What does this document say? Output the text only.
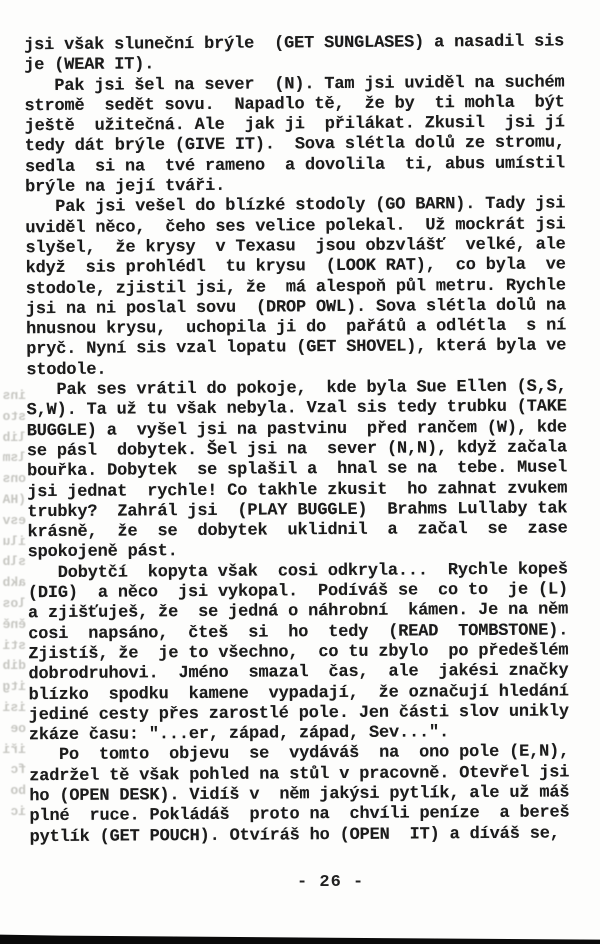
ins
sto
lib
lsm
ons
(HA
esv
ilu
slb
akb
los
ěně
sti
dib
itg
isi
oe
iři
fc
bo
ic
jsi však sluneční brýle  (GET SUNGLASES) a nasadil sis
je (WEAR IT).
Pak jsi šel na sever  (N). Tam jsi uviděl na suchém
stromě  sedět sovu.  Napadlo tě,  že by  ti mohla  být
ještě  užitečná. Ale  jak ji  přilákat. Zkusil  jsi jí
tedy dát brýle (GIVE IT).  Sova slétla dolů ze stromu,
sedla  si na  tvé rameno  a dovolila  ti, abus umístil
brýle na její tváři.
Pak jsi vešel do blízké stodoly (GO BARN). Tady jsi
uviděl něco,  čeho ses velice polekal.  Už mockrát jsi
slyšel,  že krysy  v Texasu  jsou obzvlášť  velké, ale
když  sis prohlédl  tu krysu  (LOOK RAT),  co byla  ve
stodole, zjistil jsi, že  má alespoň půl metru. Rychle
jsi na ni poslal sovu  (DROP OWL). Sova slétla dolů na
hnusnou krysu,  uchopila ji do  pařátů a odlétla  s ní
pryč. Nyní sis vzal lopatu (GET SHOVEL), která byla ve
stodole.
Pak ses vrátil do pokoje,  kde byla Sue Ellen (S,S,
S,W). Ta už tu však nebyla. Vzal sis tedy trubku (TAKE
BUGGLE) a  vyšel jsi na pastvinu  před rančem (W), kde
se pásl  dobytek. Šel jsi na  sever (N,N), když začala
bouřka. Dobytek  se splašil a  hnal se na  tebe. Musel
jsi jednat  rychle! Co takhle zkusit  ho zahnat zvukem
trubky?  Zahrál jsi  (PLAY BUGGLE)  Brahms Lullaby tak
krásně,  že  se  dobytek  uklidnil  a  začal  se  zase
spokojeně pást.
Dobytčí  kopyta však  cosi odkryla...  Rychle kopeš
(DIG)  a něco  jsi vykopal.  Podíváš se  co to  je (L)
a zjišťuješ, že  se jedná o náhrobní  kámen. Je na něm
cosi  napsáno,  čteš  si  ho  tedy  (READ  TOMBSTONE).
Zjistíš, že  je to všechno,  co tu zbylo  po předešlém
dobrodruhovi.  Jméno  smazal  čas,  ale  jakési značky
blízko  spodku  kamene  vypadají,  že označují hledání
jediné cesty přes zarostlé pole. Jen části slov unikly
zkáze času: "...er, západ, západ, Sev...".
Po  tomto  objevu  se  vydáváš  na  ono pole (E,N),
zadržel tě však pohled na stůl v pracovně. Otevřel jsi
ho (OPEN DESK). Vidíš v  něm jakýsi pytlík, ale už máš
plné  ruce. Pokládáš  proto na  chvíli peníze  a bereš
pytlík (GET POUCH). Otvíráš ho (OPEN  IT) a díváš se,
- 26 -
